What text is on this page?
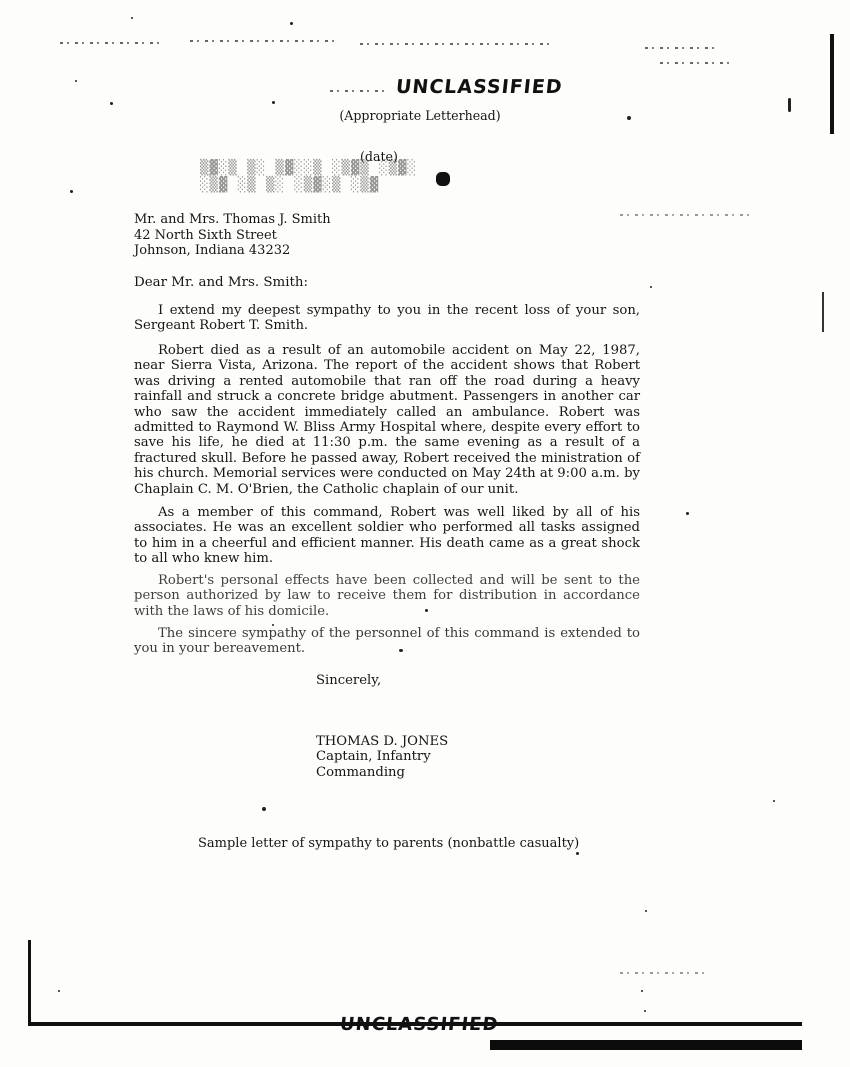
UNCLASSIFIED
(Appropriate Letterhead)
(date)
▒▓░▒ ▒░ ▒▓░░▒ ░▒▓▒ ░▒▓░
░▒▓ ░▒ ▒░ ░▒▓░▒ ░▒▓
Mr. and Mrs. Thomas J. Smith
42 North Sixth Street
Johnson, Indiana 43232
Dear Mr. and Mrs. Smith:

I extend my deepest sympathy to you in the recent loss of your son, Sergeant Robert T. Smith.

Robert died as a result of an automobile accident on May 22, 1987, near Sierra Vista, Arizona. The report of the accident shows that Robert was driving a rented automobile that ran off the road during a heavy rainfall and struck a concrete bridge abutment. Passengers in another car who saw the accident immediately called an ambulance. Robert was admitted to Raymond W. Bliss Army Hospital where, despite every effort to save his life, he died at 11:30 p.m. the same evening as a result of a fractured skull. Before he passed away, Robert received the ministration of his church. Memorial services were conducted on May 24th at 9:00 a.m. by Chaplain C. M. O'Brien, the Catholic chaplain of our unit.

As a member of this command, Robert was well liked by all of his associates. He was an excellent soldier who performed all tasks assigned to him in a cheerful and efficient manner. His death came as a great shock to all who knew him.

Robert's personal effects have been collected and will be sent to the person authorized by law to receive them for distribution in accordance with the laws of his domicile.

The sincere sympathy of the personnel of this command is extended to you in your bereavement.

Sincerely,
THOMAS D. JONES
Captain, Infantry
Commanding
Sample letter of sympathy to parents (nonbattle casualty)
UNCLASSIFIED
